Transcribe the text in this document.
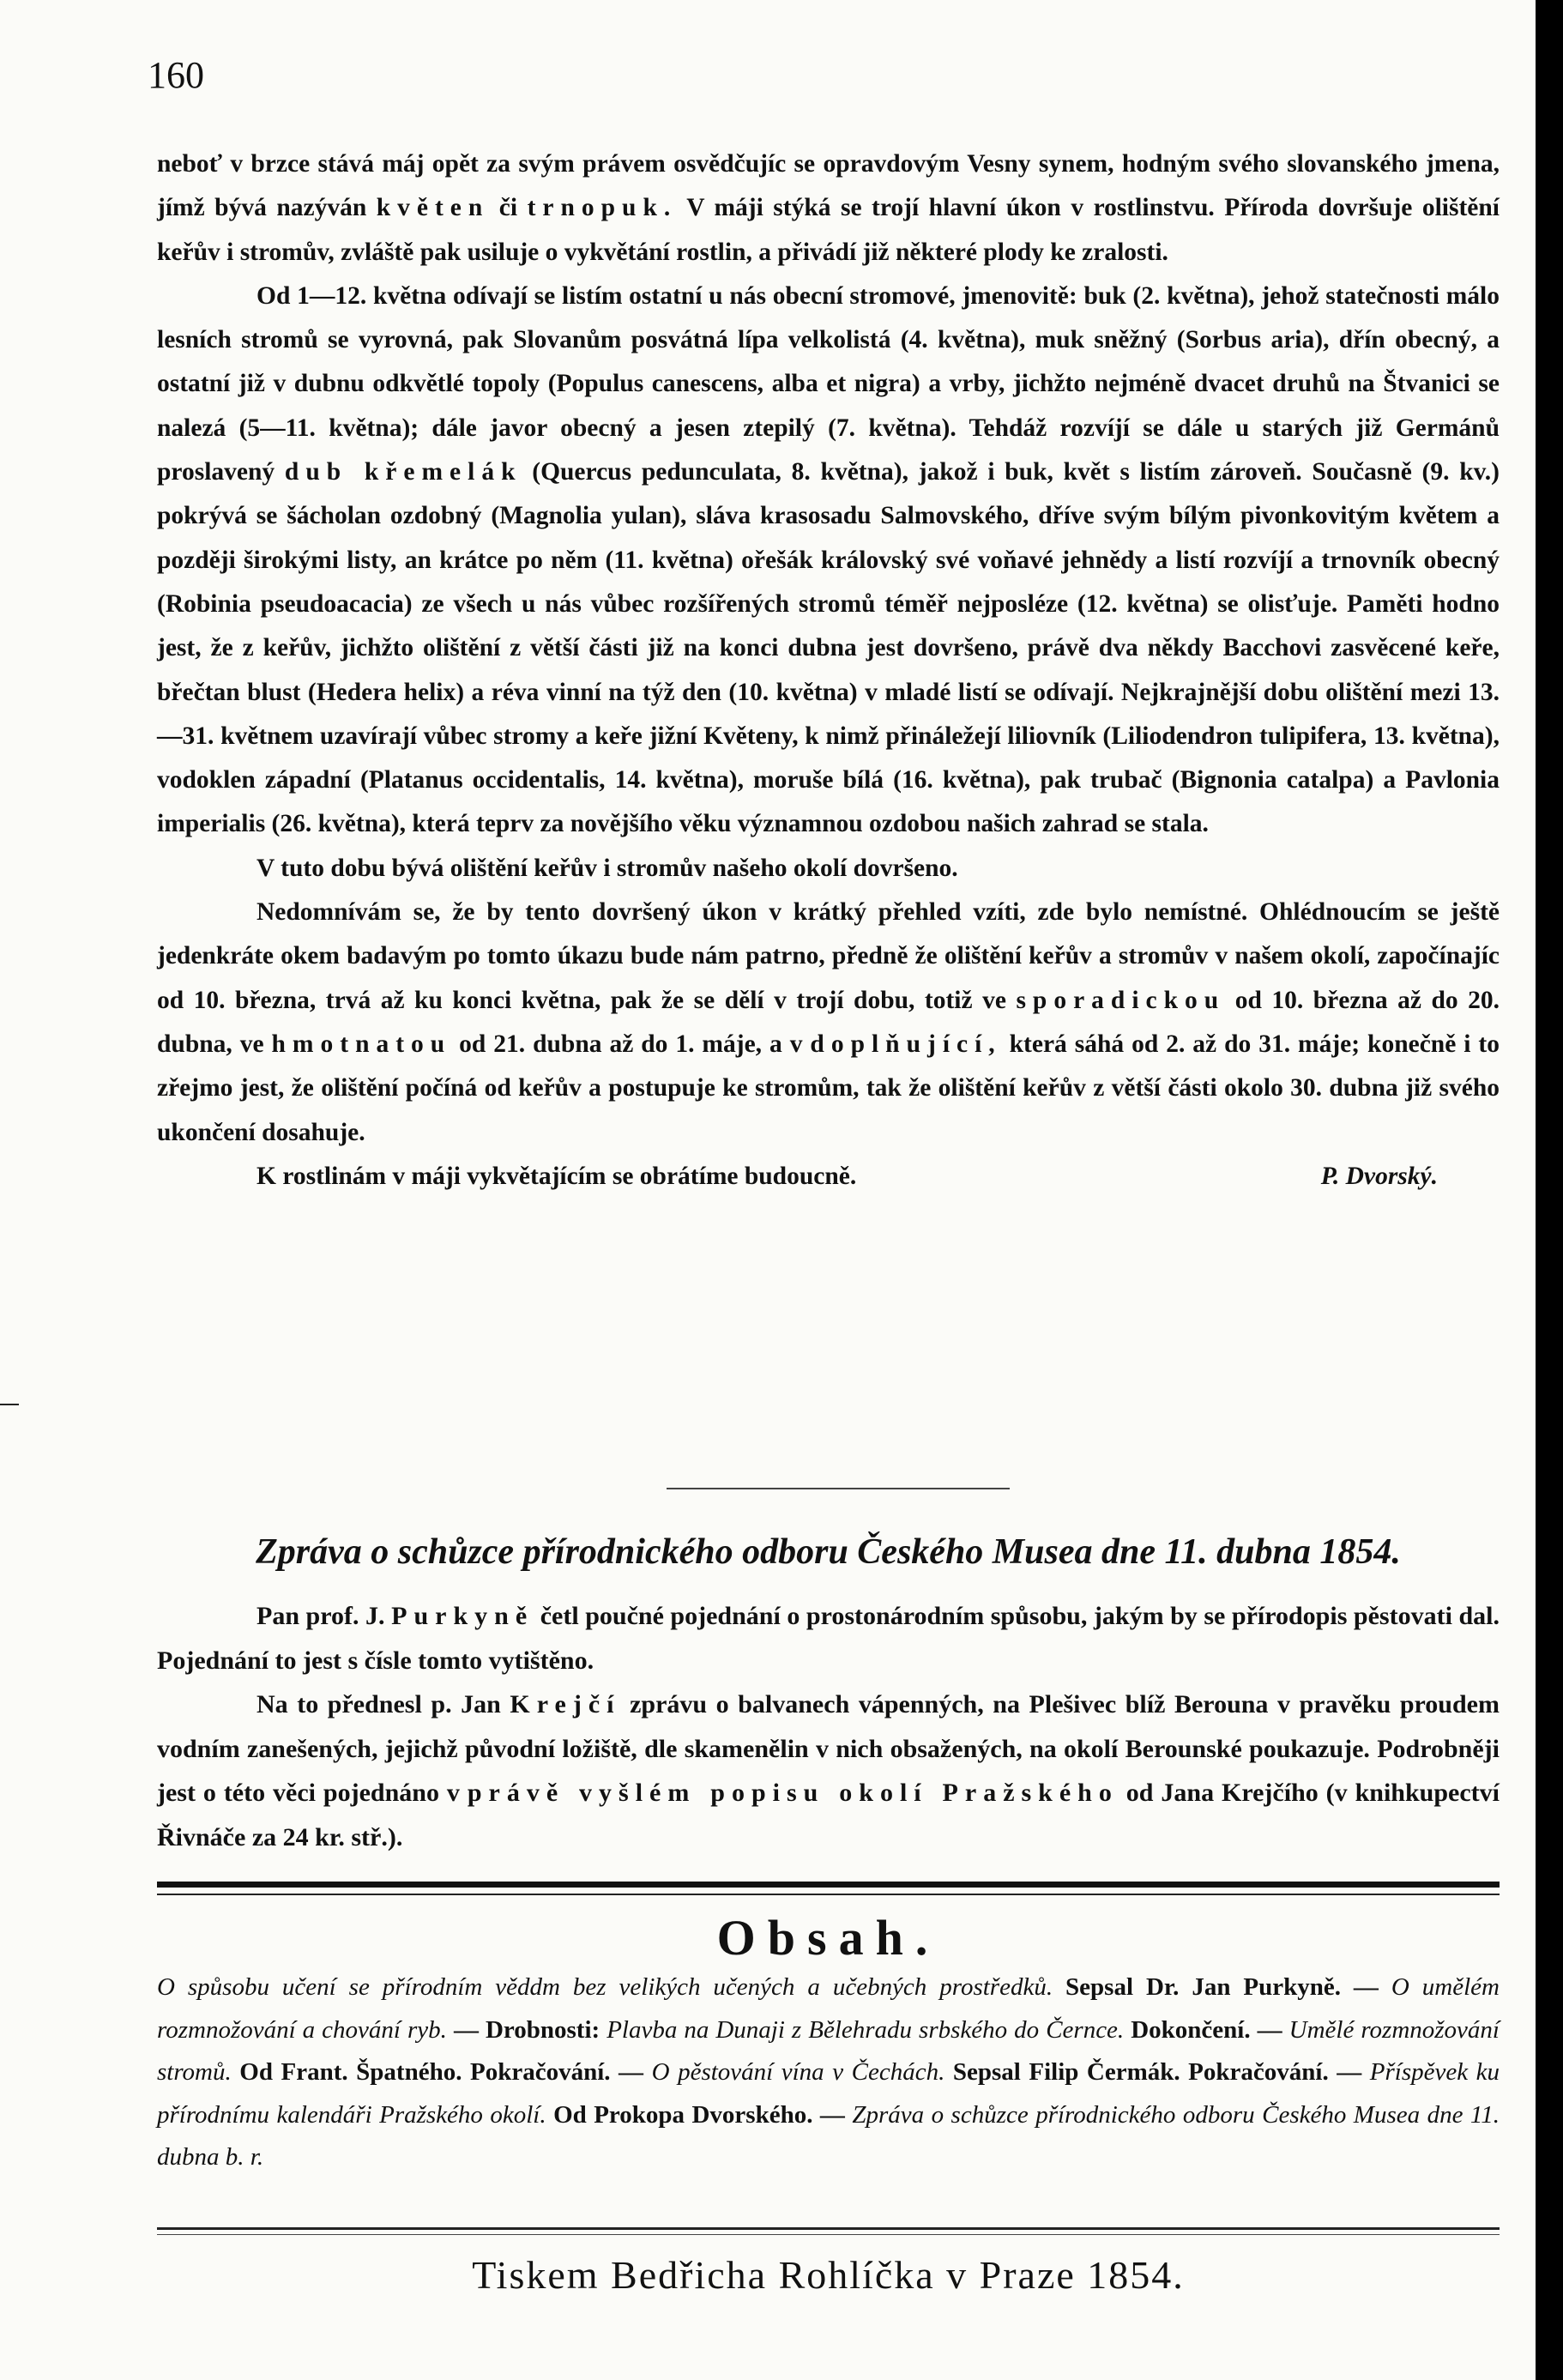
160

neboť v brzce stává máj opět za svým právem osvědčujíc se opravdovým Vesny synem, hodným svého slovanského jmena, jímž bývá nazýván květen či trnopuk. V máji stýká se trojí hlavní úkon v rostlinstvu. Příroda dovršuje olištění keřův i stromův, zvláště pak usiluje o vykvětání rostlin, a přivádí již některé plody ke zralosti.

Od 1—12. května odívají se listím ostatní u nás obecní stromové, jmenovitě: buk (2. května), jehož statečnosti málo lesních stromů se vyrovná, pak Slovanům posvátná lípa velkolistá (4. května), muk sněžný (Sorbus aria), dřín obecný, a ostatní již v dubnu odkvětlé topoly (Populus canescens, alba et nigra) a vrby, jichžto nejméně dvacet druhů na Štvanici se nalezá (5—11. května); dále javor obecný a jesen ztepilý (7. května). Tehdáž rozvíjí se dále u starých již Germánů proslavený dub křemelák (Quercus pedunculata, 8. května), jakož i buk, květ s listím zároveň. Současně (9. kv.) pokrývá se šácholan ozdobný (Magnolia yulan), sláva krasosadu Salmovského, dříve svým bílým pivonkovitým květem a později širokými listy, an krátce po něm (11. května) ořešák královský své voňavé jehnědy a listí rozvíjí a trnovník obecný (Robinia pseudoacacia) ze všech u nás vůbec rozšířených stromů téměř nejposléze (12. května) se olisťuje. Paměti hodno jest, že z keřův, jichžto olištění z větší části již na konci dubna jest dovršeno, právě dva někdy Bacchovi zasvěcené keře, břečtan blust (Hedera helix) a réva vinní na týž den (10. května) v mladé listí se odívají. Nejkrajnější dobu olištění mezi 13.—31. květnem uzavírají vůbec stromy a keře jižní Květeny, k nimž přináležejí liliovník (Liliodendron tulipifera, 13. května), vodoklen západní (Platanus occidentalis, 14. května), moruše bílá (16. května), pak trubač (Bignonia catalpa) a Pavlonia imperialis (26. května), která teprv za novějšího věku významnou ozdobou našich zahrad se stala.

V tuto dobu bývá olištění keřův i stromův našeho okolí dovršeno.

Nedomnívám se, že by tento dovršený úkon v krátký přehled vzíti, zde bylo nemístné. Ohlédnoucím se ještě jedenkráte okem badavým po tomto úkazu bude nám patrno, předně že olištění keřův a stromův v našem okolí, započínajíc od 10. března, trvá až ku konci května, pak že se dělí v trojí dobu, totiž ve sporadickou od 10. března až do 20. dubna, ve hmotnatou od 21. dubna až do 1. máje, a v doplňující, která sáhá od 2. až do 31. máje; konečně i to zřejmo jest, že olištění počíná od keřův a postupuje ke stromům, tak že olištění keřův z větší části okolo 30. dubna již svého ukončení dosahuje.

K rostlinám v máji vykvětajícím se obrátíme budoucně.	P. Dvorský.
Zpráva o schůzce přírodnického odboru Českého Musea dne 11. dubna 1854.

Pan prof. J. Purkyně četl poučné pojednání o prostonárodním spůsobu, jakým by se přírodopis pěstovati dal. Pojednání to jest s čísle tomto vytištěno.

Na to přednesl p. Jan Krejčí zprávu o balvanech vápenných, na Plešivec blíž Berouna v pravěku proudem vodním zanešených, jejichž původní ložiště, dle skamenělin v nich obsažených, na okolí Berounské poukazuje. Podrobněji jest o této věci pojednáno v právě vyšlém popisu okolí Pražského od Jana Krejčího (v knihkupectví Řivnáče za 24 kr. stř.).

Obsah.
O spůsobu učení se přírodním věddm bez velikých učených a učebných prostředků. Sepsal Dr. Jan Purkyně. — O umělém rozmnožování a chování ryb. — Drobnosti: Plavba na Dunaji z Bělehradu srbského do Černce. Dokončení. — Umělé rozmnožování stromů. Od Frant. Špatného. Pokračování. — O pěstování vína v Čechách. Sepsal Filip Čermák. Pokračování. — Příspěvek ku přírodnímu kalendáři Pražského okolí. Od Prokopa Dvorského. — Zpráva o schůzce přírodnického odboru Českého Musea dne 11. dubna b. r.
Tiskem Bedřicha Rohlíčka v Praze 1854.
